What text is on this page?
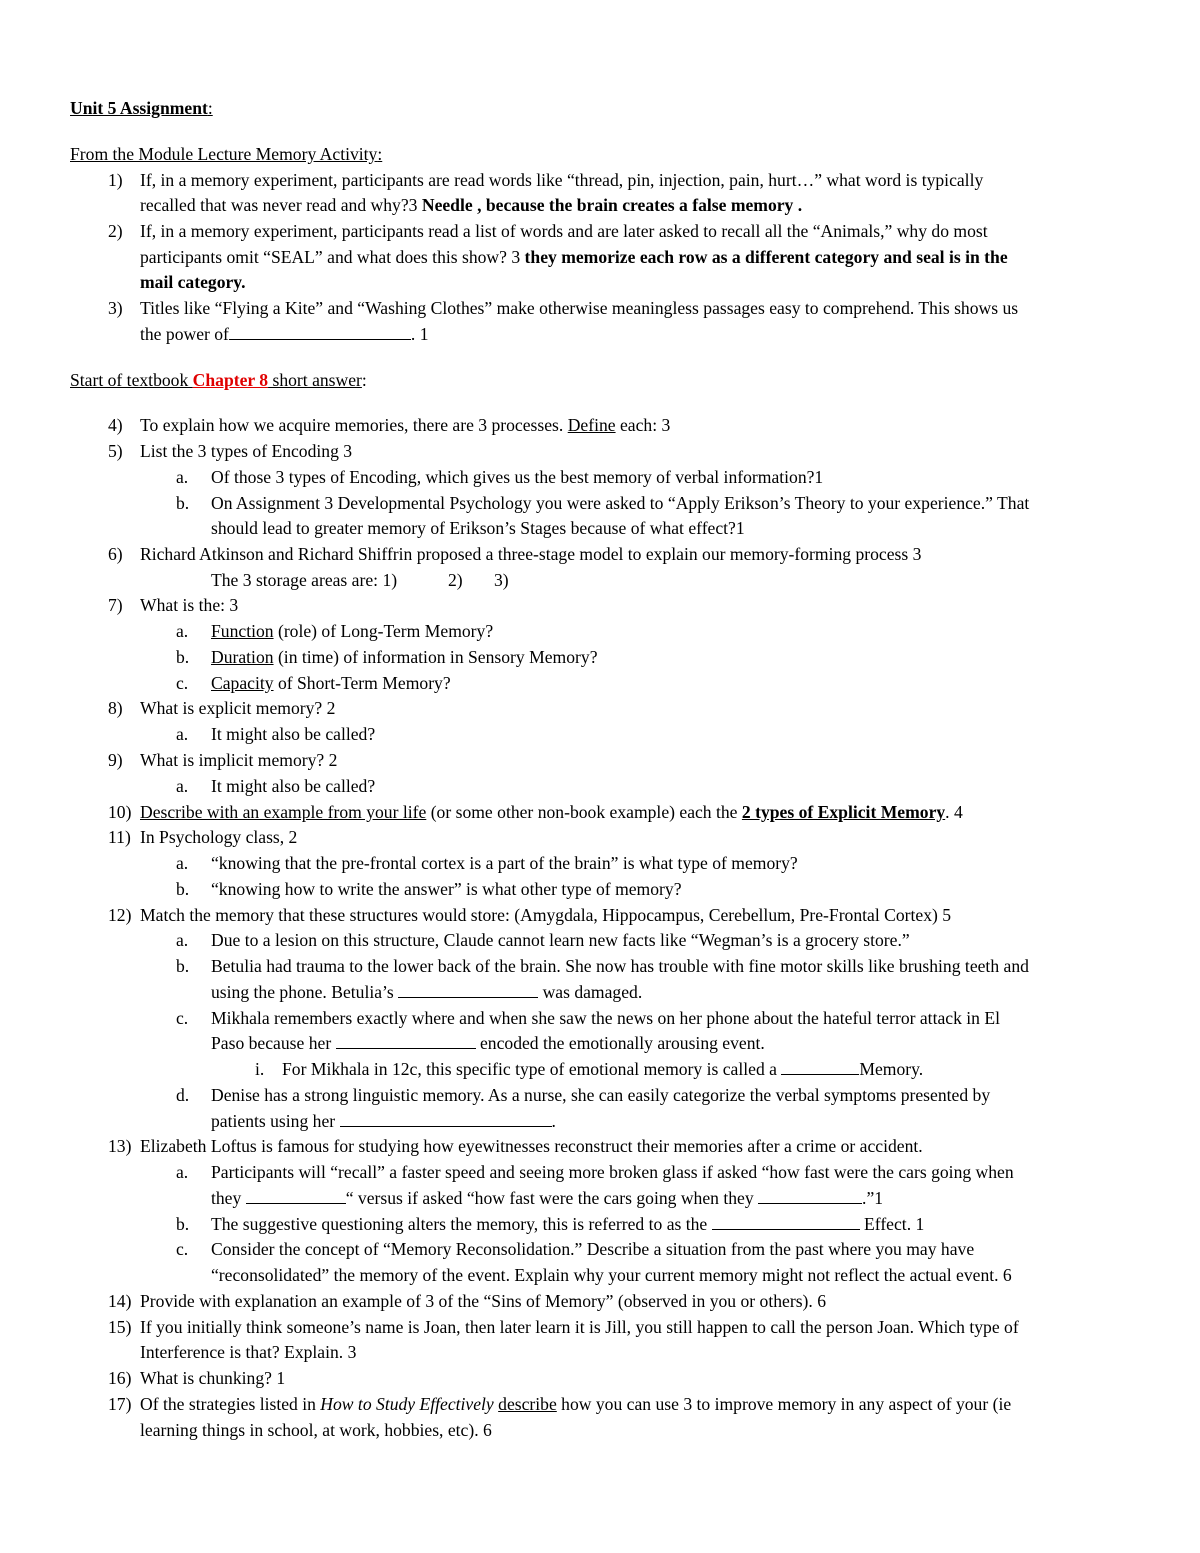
Unit 5 Assignment:
From the Module Lecture Memory Activity:
1) If, in a memory experiment, participants are read words like “thread, pin, injection, pain, hurt…” what word is typically
recalled that was never read and why?3 Needle , because the brain creates a false memory .
2) If, in a memory experiment, participants read a list of words and are later asked to recall all the “Animals,” why do most
participants omit “SEAL” and what does this show? 3 they memorize each row as a different category and seal is in the
mail category.
3) Titles like “Flying a Kite” and “Washing Clothes” make otherwise meaningless passages easy to comprehend. This shows us
the power of	. 1
Start of textbook Chapter 8 short answer:
4) To explain how we acquire memories, there are 3 processes. Define each: 3
5) List the 3 types of Encoding 3
a. Of those 3 types of Encoding, which gives us the best memory of verbal information?1
b. On Assignment 3 Developmental Psychology you were asked to “Apply Erikson’s Theory to your experience.” That
should lead to greater memory of Erikson’s Stages because of what effect?1
6) Richard Atkinson and Richard Shiffrin proposed a three-stage model to explain our memory-forming process 3
The 3 storage areas are: 1)	2) 3)
7) What is the: 3
a. Function (role) of Long-Term Memory?
b. Duration (in time) of information in Sensory Memory?
c. Capacity of Short-Term Memory?
8) What is explicit memory? 2
a. It might also be called?
9) What is implicit memory? 2
a. It might also be called?
10) Describe with an example from your life (or some other non-book example) each the 2 types of Explicit Memory. 4
11) In Psychology class, 2
a. “knowing that the pre-frontal cortex is a part of the brain” is what type of memory?
b. “knowing how to write the answer” is what other type of memory?
12) Match the memory that these structures would store: (Amygdala, Hippocampus, Cerebellum, Pre-Frontal Cortex) 5
a. Due to a lesion on this structure, Claude cannot learn new facts like “Wegman’s is a grocery store.”
b. Betulia had trauma to the lower back of the brain. She now has trouble with fine motor skills like brushing teeth and
using the phone. Betulia’s	was damaged.
c. Mikhala remembers exactly where and when she saw the news on her phone about the hateful terror attack in El
Paso because her	encoded the emotionally arousing event.
i. For Mikhala in 12c, this specific type of emotional memory is called a	Memory.
d. Denise has a strong linguistic memory. As a nurse, she can easily categorize the verbal symptoms presented by
patients using her	.
13) Elizabeth Loftus is famous for studying how eyewitnesses reconstruct their memories after a crime or accident.
a. Participants will “recall” a faster speed and seeing more broken glass if asked “how fast were the cars going when
they	“ versus if asked “how fast were the cars going when they	.”1
b. The suggestive questioning alters the memory, this is referred to as the	Effect. 1
c. Consider the concept of “Memory Reconsolidation.” Describe a situation from the past where you may have
“reconsolidated” the memory of the event. Explain why your current memory might not reflect the actual event. 6
14) Provide with explanation an example of 3 of the “Sins of Memory” (observed in you or others). 6
15) If you initially think someone’s name is Joan, then later learn it is Jill, you still happen to call the person Joan. Which type of
Interference is that? Explain. 3
16) What is chunking? 1
17) Of the strategies listed in How to Study Effectively describe how you can use 3 to improve memory in any aspect of your (ie
learning things in school, at work, hobbies, etc). 6
